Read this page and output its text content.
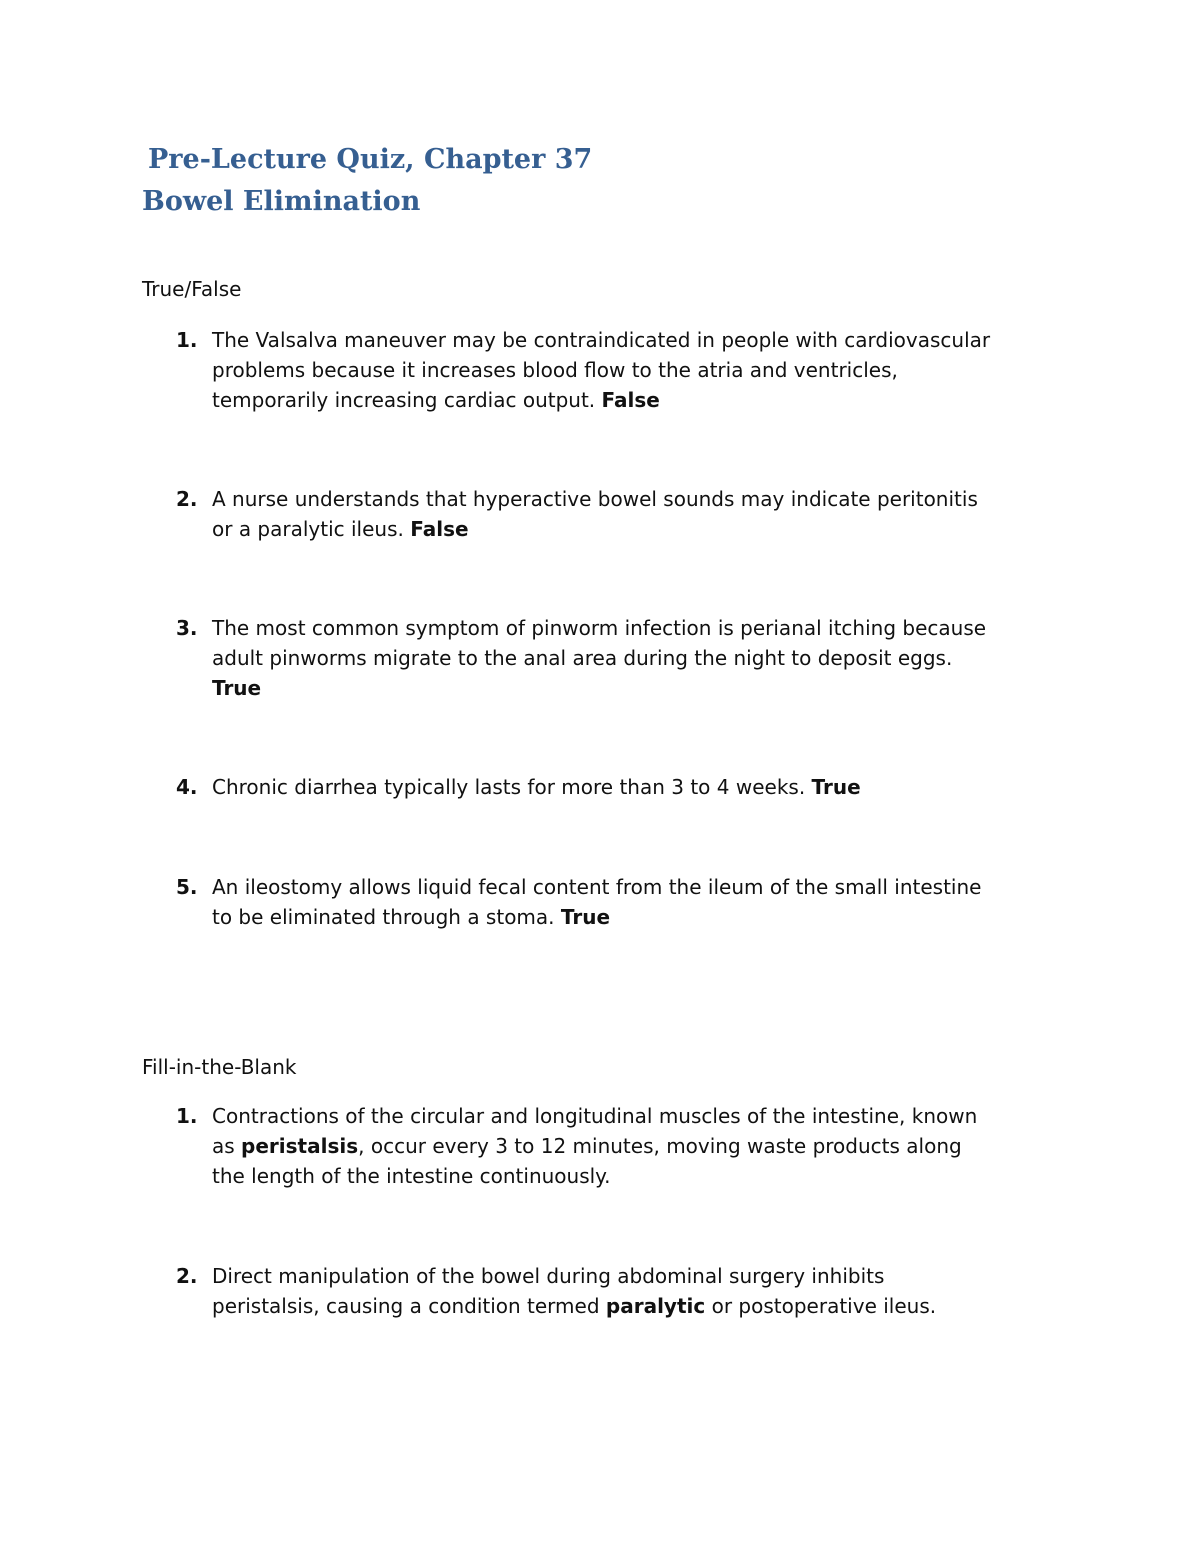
Pre-Lecture Quiz, Chapter 37
Bowel Elimination
True/False
1. The Valsalva maneuver may be contraindicated in people with cardiovascular
problems because it increases blood flow to the atria and ventricles,
temporarily increasing cardiac output. False
2. A nurse understands that hyperactive bowel sounds may indicate peritonitis
or a paralytic ileus. False
3. The most common symptom of pinworm infection is perianal itching because
adult pinworms migrate to the anal area during the night to deposit eggs.
True
4. Chronic diarrhea typically lasts for more than 3 to 4 weeks. True
5. An ileostomy allows liquid fecal content from the ileum of the small intestine
to be eliminated through a stoma. True
Fill-in-the-Blank
1. Contractions of the circular and longitudinal muscles of the intestine, known
as peristalsis, occur every 3 to 12 minutes, moving waste products along
the length of the intestine continuously.
2. Direct manipulation of the bowel during abdominal surgery inhibits
peristalsis, causing a condition termed paralytic or postoperative ileus.
